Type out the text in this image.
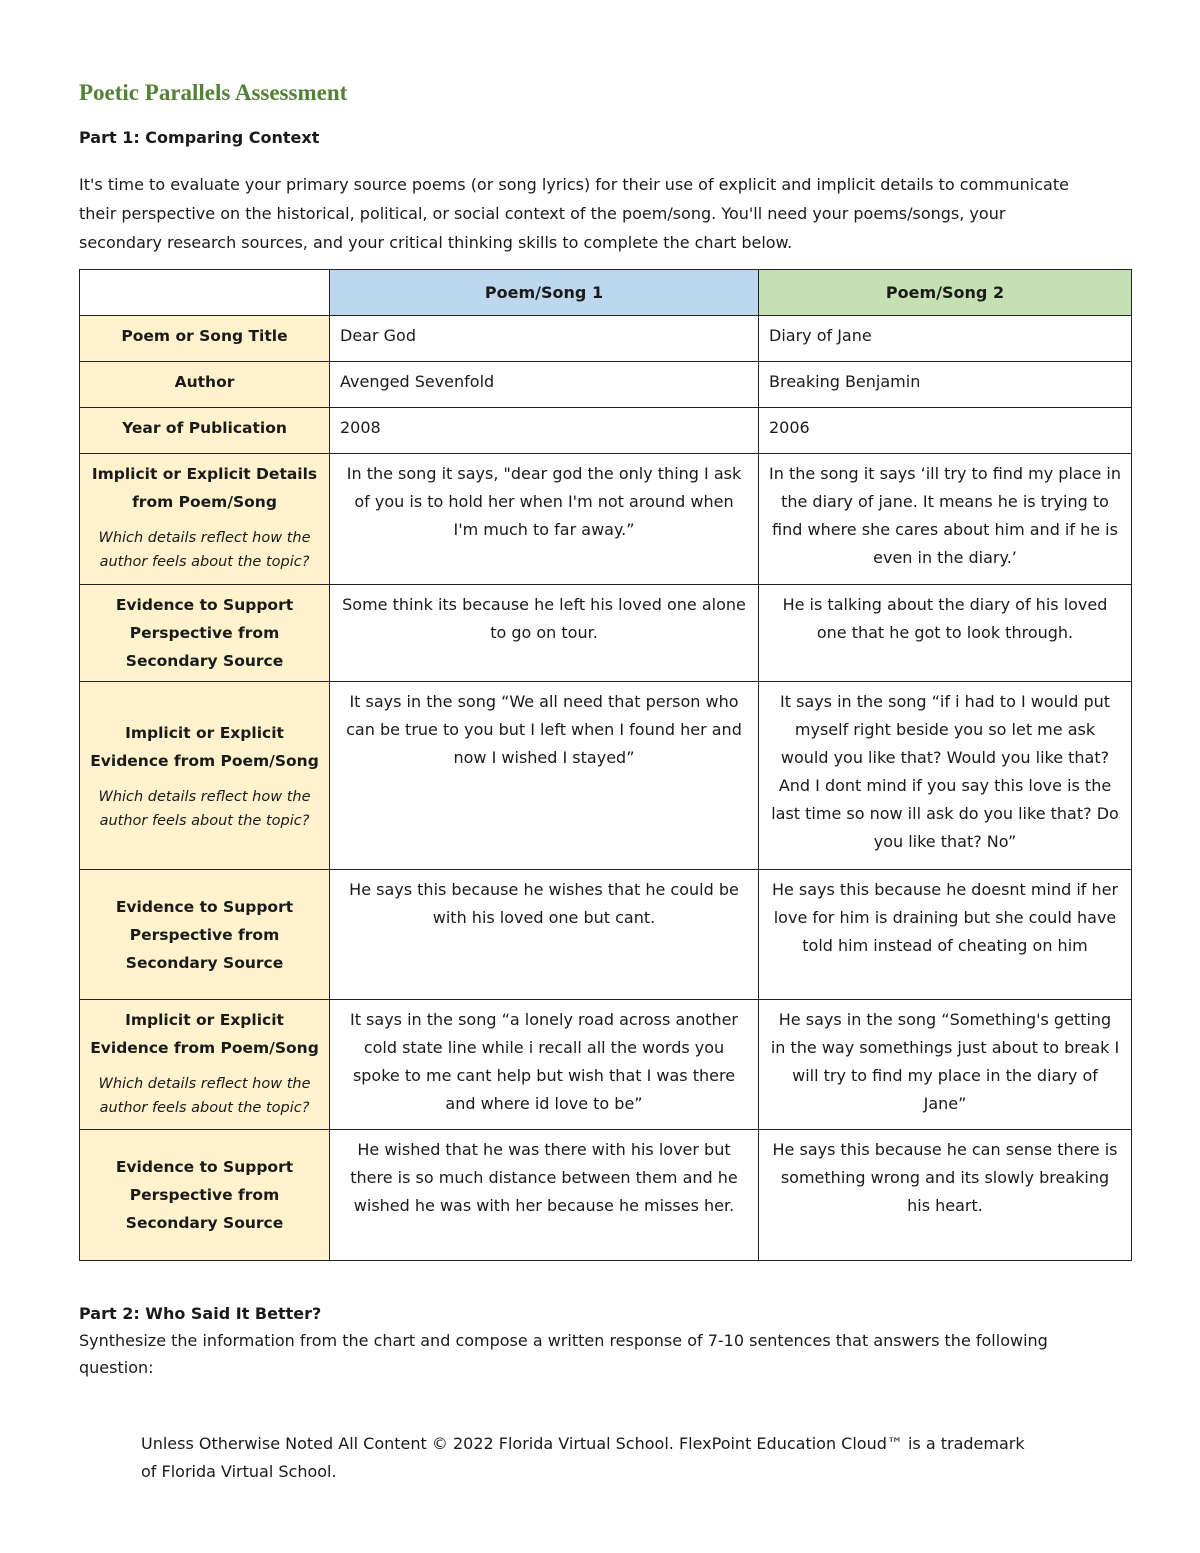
Poetic Parallels Assessment
Part 1: Comparing Context
It's time to evaluate your primary source poems (or song lyrics) for their use of explicit and implicit details to communicate their perspective on the historical, political, or social context of the poem/song. You'll need your poems/songs, your secondary research sources, and your critical thinking skills to complete the chart below.
	Poem/Song 1	Poem/Song 2
Poem or Song Title	Dear God	Diary of Jane
Author	Avenged Sevenfold	Breaking Benjamin
Year of Publication	2008	2006
Implicit or Explicit Details from Poem/Song
Which details reflect how the author feels about the topic?	In the song it says, "dear god the only thing I ask of you is to hold her when I'm not around when I'm much to far away.”	In the song it says ‘ill try to find my place in the diary of jane. It means he is trying to find where she cares about him and if he is even in the diary.’
Evidence to Support Perspective from Secondary Source	Some think its because he left his loved one alone to go on tour.	He is talking about the diary of his loved one that he got to look through.
Implicit or Explicit Evidence from Poem/Song
Which details reflect how the author feels about the topic?	It says in the song “We all need that person who can be true to you but I left when I found her and now I wished I stayed”	It says in the song “if i had to I would put myself right beside you so let me ask would you like that? Would you like that? And I dont mind if you say this love is the last time so now ill ask do you like that? Do you like that? No”
Evidence to Support Perspective from Secondary Source	He says this because he wishes that he could be with his loved one but cant.	He says this because he doesnt mind if her love for him is draining but she could have told him instead of cheating on him
Implicit or Explicit Evidence from Poem/Song
Which details reflect how the author feels about the topic?	It says in the song “a lonely road across another cold state line while i recall all the words you spoke to me cant help but wish that I was there and where id love to be”	He says in the song “Something's getting in the way somethings just about to break I will try to find my place in the diary of Jane”
Evidence to Support Perspective from Secondary Source	He wished that he was there with his lover but there is so much distance between them and he wished he was with her because he misses her.	He says this because he can sense there is something wrong and its slowly breaking his heart.
Part 2: Who Said It Better?
Synthesize the information from the chart and compose a written response of 7-10 sentences that answers the following question:
Unless Otherwise Noted All Content © 2022 Florida Virtual School. FlexPoint Education Cloud™ is a trademark of Florida Virtual School.
